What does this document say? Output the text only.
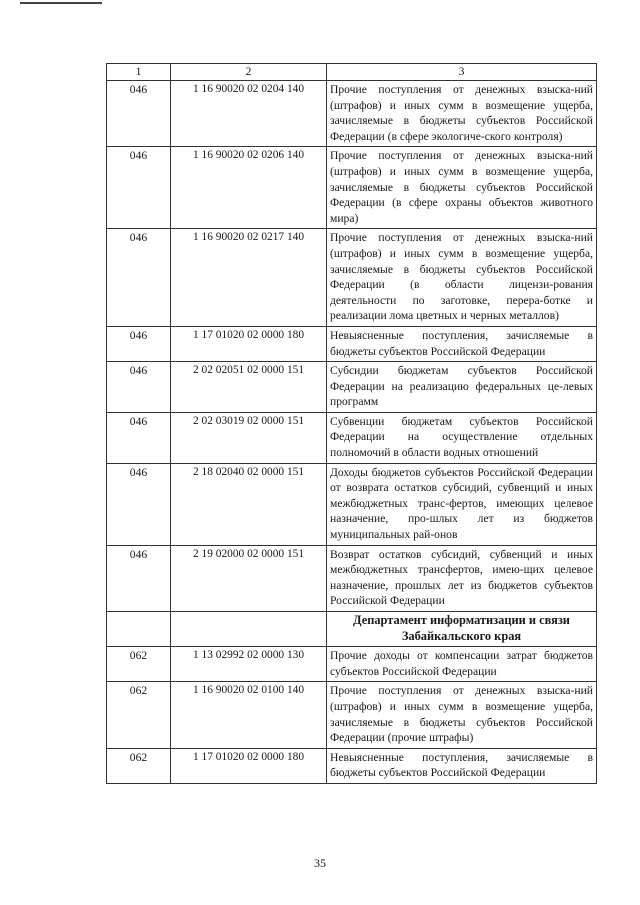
1	2	3
046	1 16 90020 02 0204 140	Прочие поступления от денежных взыска-ний (штрафов) и иных сумм в возмещение ущерба, зачисляемые в бюджеты субъектов Российской Федерации (в сфере экологиче-ского контроля)
046	1 16 90020 02 0206 140	Прочие поступления от денежных взыска-ний (штрафов) и иных сумм в возмещение ущерба, зачисляемые в бюджеты субъектов Российской Федерации (в сфере охраны объектов животного мира)
046	1 16 90020 02 0217 140	Прочие поступления от денежных взыска-ний (штрафов) и иных сумм в возмещение ущерба, зачисляемые в бюджеты субъектов Российской Федерации (в области лицензи-рования деятельности по заготовке, перера-ботке и реализации лома цветных и черных металлов)
046	1 17 01020 02 0000 180	Невыясненные поступления, зачисляемые в бюджеты субъектов Российской Федерации
046	2 02 02051 02 0000 151	Субсидии бюджетам субъектов Российской Федерации на реализацию федеральных це-левых программ
046	2 02 03019 02 0000 151	Субвенции бюджетам субъектов Российской Федерации на осуществление отдельных полномочий в области водных отношений
046	2 18 02040 02 0000 151	Доходы бюджетов субъектов Российской Федерации от возврата остатков субсидий, субвенций и иных межбюджетных транс-фертов, имеющих целевое назначение, про-шлых лет из бюджетов муниципальных рай-онов
046	2 19 02000 02 0000 151	Возврат остатков субсидий, субвенций и иных межбюджетных трансфертов, имею-щих целевое назначение, прошлых лет из бюджетов субъектов Российской Федерации
		Департамент информатизации и связи Забайкальского края
062	1 13 02992 02 0000 130	Прочие доходы от компенсации затрат бюджетов субъектов Российской Федерации
062	1 16 90020 02 0100 140	Прочие поступления от денежных взыска-ний (штрафов) и иных сумм в возмещение ущерба, зачисляемые в бюджеты субъектов Российской Федерации (прочие штрафы)
062	1 17 01020 02 0000 180	Невыясненные поступления, зачисляемые в бюджеты субъектов Российской Федерации
35
